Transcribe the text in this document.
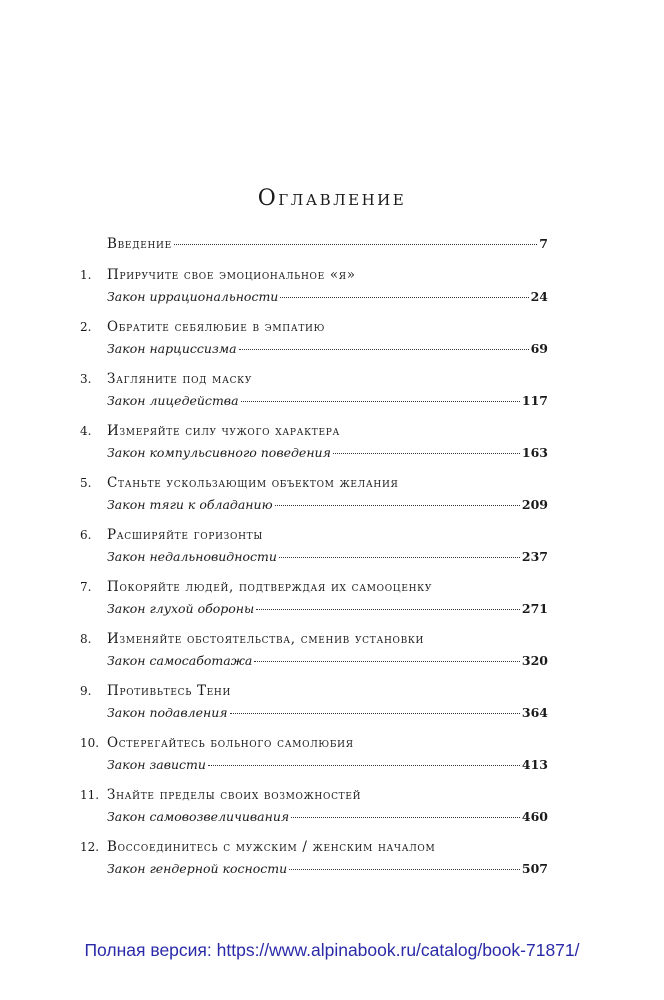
Оглавление
Введение	7
1.	Приручите свое эмоциональное «я»
Закон иррациональности	24
2.	Обратите себялюбие в эмпатию
Закон нарциссизма	69
3.	Загляните под маску
Закон лицедейства	117
4.	Измеряйте силу чужого характера
Закон компульсивного поведения	163
5.	Станьте ускользающим объектом желания
Закон тяги к обладанию	209
6.	Расширяйте горизонты
Закон недальновидности	237
7.	Покоряйте людей, подтверждая их самооценку
Закон глухой обороны	271
8.	Изменяйте обстоятельства, сменив установки
Закон самосаботажа	320
9.	Противьтесь Тени
Закон подавления	364
10. Остерегайтесь больного самолюбия
Закон зависти	413
11. Знайте пределы своих возможностей
Закон самовозвеличивания	460
12. Воссоединитесь с мужским / женским началом
Закон гендерной косности	507
Полная версия: https://www.alpinabook.ru/catalog/book-71871/
